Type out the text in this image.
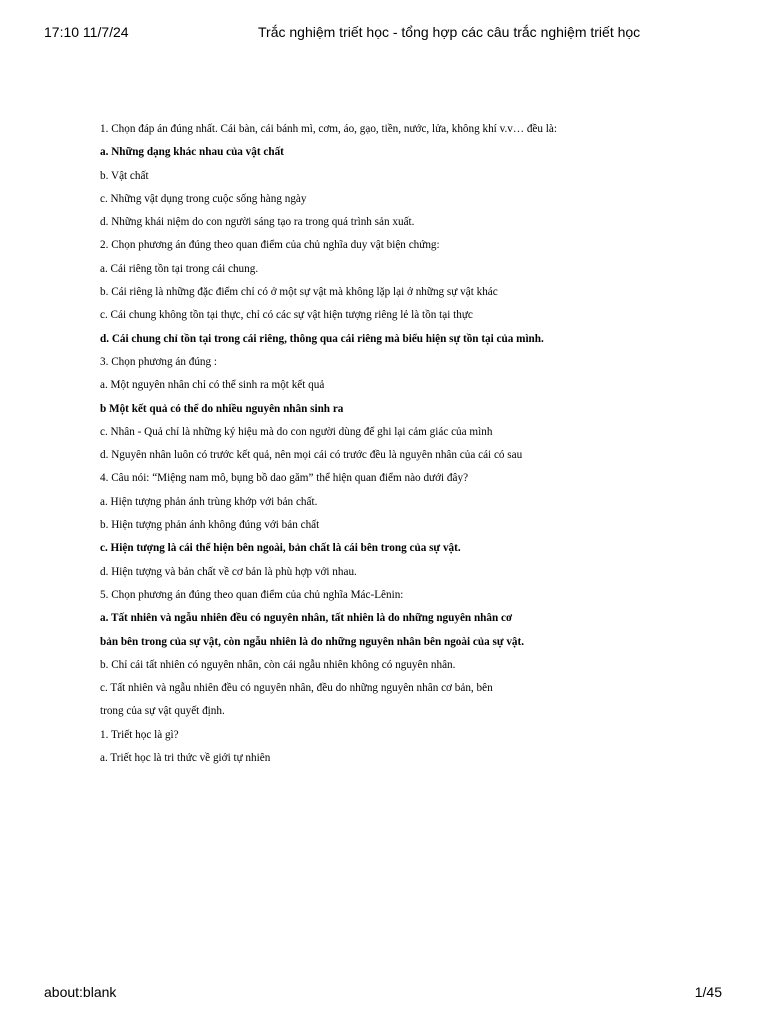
17:10 11/7/24	Trắc nghiệm triết học - tổng hợp các câu trắc nghiệm triết học
1. Chọn đáp án đúng nhất. Cái bàn, cái bánh mì, cơm, áo, gạo, tiền, nước, lửa, không khí v.v… đều là:
a. Những dạng khác nhau của vật chất
b. Vật chất
c. Những vật dụng trong cuộc sống hàng ngày
d. Những khái niệm do con người sáng tạo ra trong quá trình sản xuất.
2. Chọn phương án đúng theo quan điểm của chủ nghĩa duy vật biện chứng:
a. Cái riêng tồn tại trong cái chung.
b. Cái riêng là những đặc điểm chỉ có ở một sự vật mà không lặp lại ở những sự vật khác
c. Cái chung không tồn tại thực, chỉ có các sự vật hiện tượng riêng lẻ là tồn tại thực
d. Cái chung chỉ tồn tại trong cái riêng, thông qua cái riêng mà biểu hiện sự tồn tại của mình.
3. Chọn phương án đúng :
a. Một nguyên nhân chỉ có thể sinh ra một kết quả
b Một kết quả có thể do nhiều nguyên nhân sinh ra
c. Nhân - Quả chỉ là những ký hiệu mà do con người dùng để ghi lại cảm giác của mình
d. Nguyên nhân luôn có trước kết quả, nên mọi cái có trước đều là nguyên nhân của cái có sau
4. Câu nói: “Miệng nam mô, bụng bồ dao găm” thể hiện quan điểm nào dưới đây?
a. Hiện tượng phản ánh trùng khớp với bản chất.
b. Hiện tượng phản ánh không đúng với bản chất
c. Hiện tượng là cái thể hiện bên ngoài, bản chất là cái bên trong của sự vật.
d. Hiện tượng và bản chất về cơ bản là phù hợp với nhau.
5. Chọn phương án đúng theo quan điểm của chủ nghĩa Mác-Lênin:
a. Tất nhiên và ngẫu nhiên đều có nguyên nhân, tất nhiên là do những nguyên nhân cơ
bản bên trong của sự vật, còn ngẫu nhiên là do những nguyên nhân bên ngoài của sự vật.
b. Chỉ cái tất nhiên có nguyên nhân, còn cái ngẫu nhiên không có nguyên nhân.
c. Tất nhiên và ngẫu nhiên đều có nguyên nhân, đều do những nguyên nhân cơ bản, bên
trong của sự vật quyết định.
1. Triết học là gì?
a. Triết học là tri thức về giới tự nhiên
about:blank	1/45
